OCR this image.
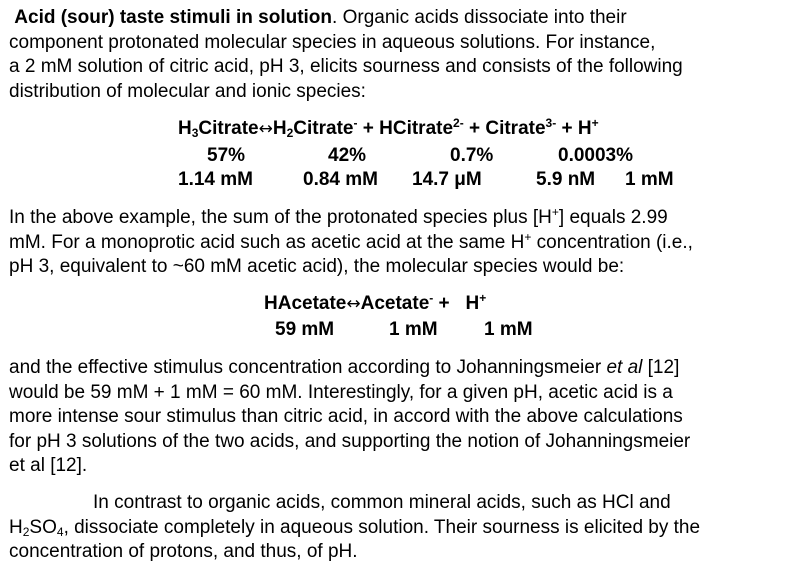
Acid (sour) taste stimuli in solution. Organic acids dissociate into their
component protonated molecular species in aqueous solutions. For instance,
a 2 mM solution of citric acid, pH 3, elicits sourness and consists of the following
distribution of molecular and ionic species:
$H_3Citrate\leftrightarrow H_2Citrate^-$ + HCitrate$^{2-}$ + Citrate$^{3-}$ + H+
57%	42%	0.7%	0.0003%
1.14 mM	0.84 mM 14.7 μM	5.9 nM 1 mM
In the above example, the sum of the protonated species plus [H+] equals 2.99
mM. For a monoprotic acid such as acetic acid at the same H+ concentration (i.e.,
pH 3, equivalent to ~60 mM acetic acid), the molecular species would be:
HAcetate↔Acetate- +   H+
59 mM	1 mM 1 mM
and the effective stimulus concentration according to Johanningsmeier et al [12]
would be 59 mM + 1 mM = 60 mM. Interestingly, for a given pH, acetic acid is a
more intense sour stimulus than citric acid, in accord with the above calculations
for pH 3 solutions of the two acids, and supporting the notion of Johanningsmeier
et al [12].
In contrast to organic acids, common mineral acids, such as HCl and
$H_2SO_4$, dissociate completely in aqueous solution. Their sourness is elicited by the
concentration of protons, and thus, of pH.
